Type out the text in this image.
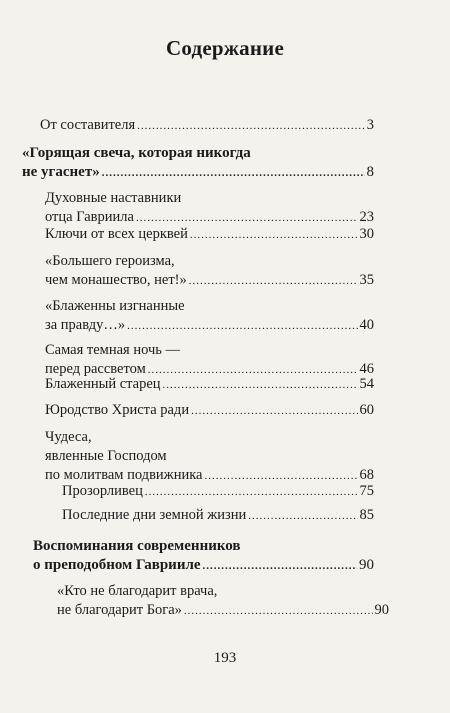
Содержание
От составителя .....	3
«Горящая свеча, которая никогда
не угаснет» .....	8
Духовные наставники
отца Гавриила .....	23
Ключи от всех церквей .....	30
«Большего героизма,
чем монашество, нет!» .....	35
«Блаженны изгнанные
за правду…» .....	40
Самая темная ночь —
перед рассветом .....	46
Блаженный старец .....	54
Юродство Христа ради .....	60
Чудеса,
явленные Господом
по молитвам подвижника .....	68
Прозорливец .....	75
Последние дни земной жизни .....	85
Воспоминания современников
о преподобном Гаврииле .....	90
«Кто не благодарит врача,
не благодарит Бога» .....	90
193
